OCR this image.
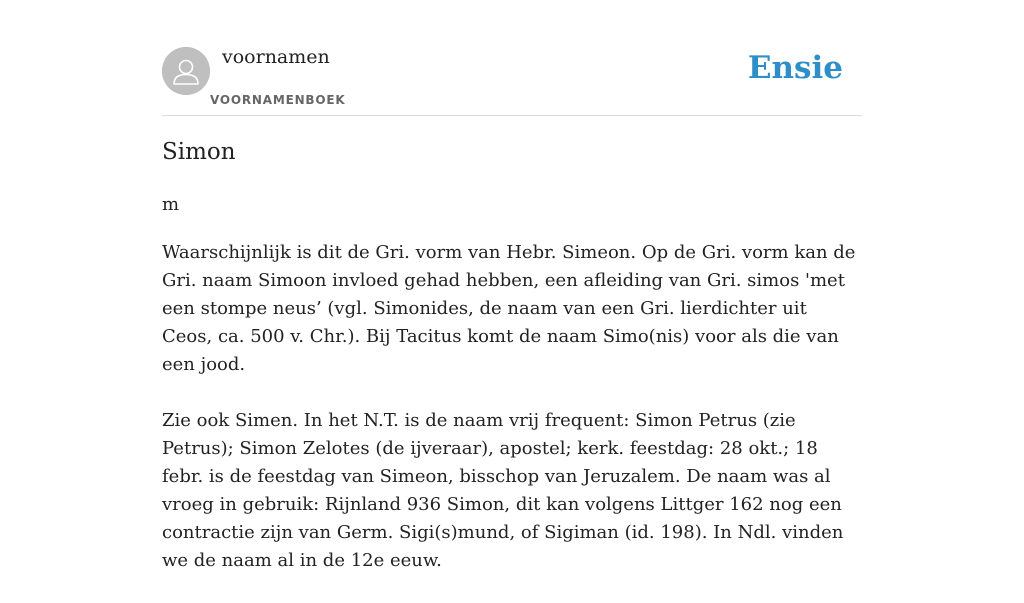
voornamen
VOORNAMENBOEK
Ensie
Simon
m

Waarschijnlijk is dit de Gri. vorm van Hebr. Simeon. Op de Gri. vorm kan de Gri. naam Simoon invloed gehad hebben, een afleiding van Gri. simos 'met een stompe neus’ (vgl. Simonides, de naam van een Gri. lierdichter uit Ceos, ca. 500 v. Chr.). Bij Tacitus komt de naam Simo(nis) voor als die van een jood.

Zie ook Simen. In het N.T. is de naam vrij frequent: Simon Petrus (zie Petrus); Simon Zelotes (de ijveraar), apostel; kerk. feestdag: 28 okt.; 18 febr. is de feestdag van Simeon, bisschop van Jeruzalem. De naam was al vroeg in gebruik: Rijnland 936 Simon, dit kan volgens Littger 162 nog een contractie zijn van Germ. Sigi(s)mund, of Sigiman (id. 198). In Ndl. vinden we de naam al in de 12e eeuw.
